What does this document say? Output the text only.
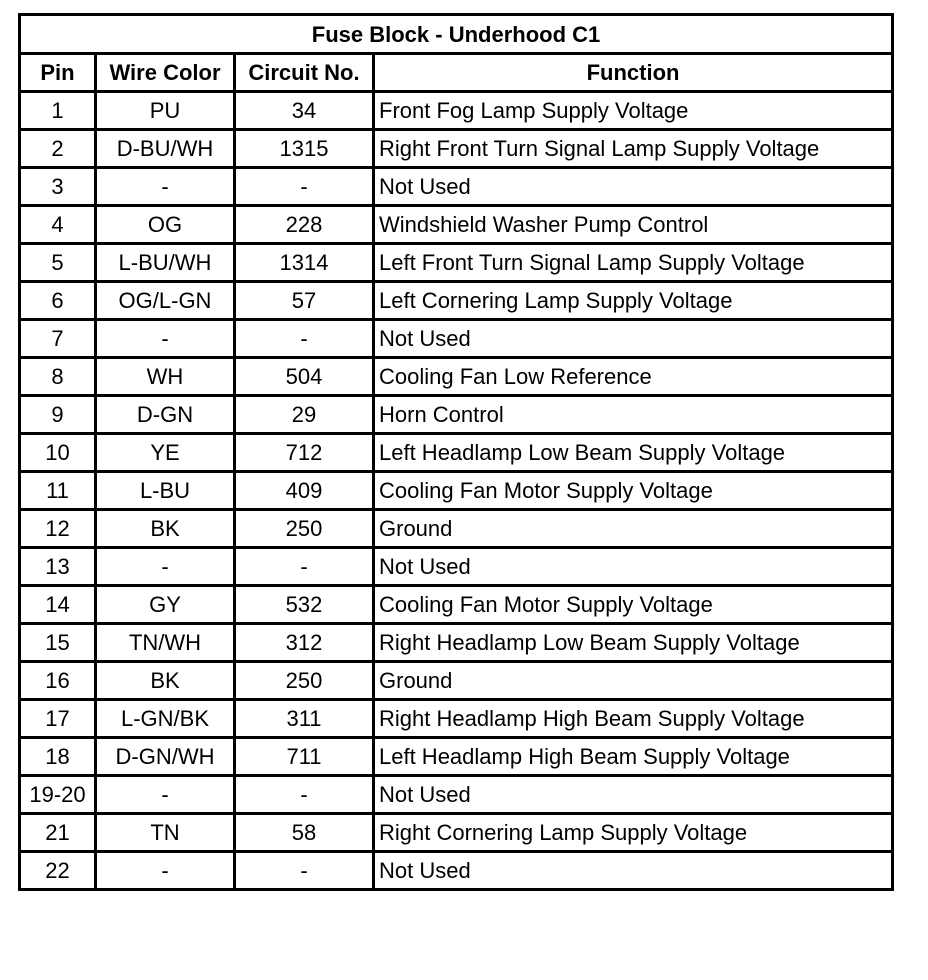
Fuse Block - Underhood C1			
Pin	Wire Color	Circuit No.	Function
1	PU	34	Front Fog Lamp Supply Voltage
2	D-BU/WH	1315	Right Front Turn Signal Lamp Supply Voltage
3	-	-	Not Used
4	OG	228	Windshield Washer Pump Control
5	L-BU/WH	1314	Left Front Turn Signal Lamp Supply Voltage
6	OG/L-GN	57	Left Cornering Lamp Supply Voltage
7	-	-	Not Used
8	WH	504	Cooling Fan Low Reference
9	D-GN	29	Horn Control
10	YE	712	Left Headlamp Low Beam Supply Voltage
11	L-BU	409	Cooling Fan Motor Supply Voltage
12	BK	250	Ground
13	-	-	Not Used
14	GY	532	Cooling Fan Motor Supply Voltage
15	TN/WH	312	Right Headlamp Low Beam Supply Voltage
16	BK	250	Ground
17	L-GN/BK	311	Right Headlamp High Beam Supply Voltage
18	D-GN/WH	711	Left Headlamp High Beam Supply Voltage
19-20	-	-	Not Used
21	TN	58	Right Cornering Lamp Supply Voltage
22	-	-	Not Used
